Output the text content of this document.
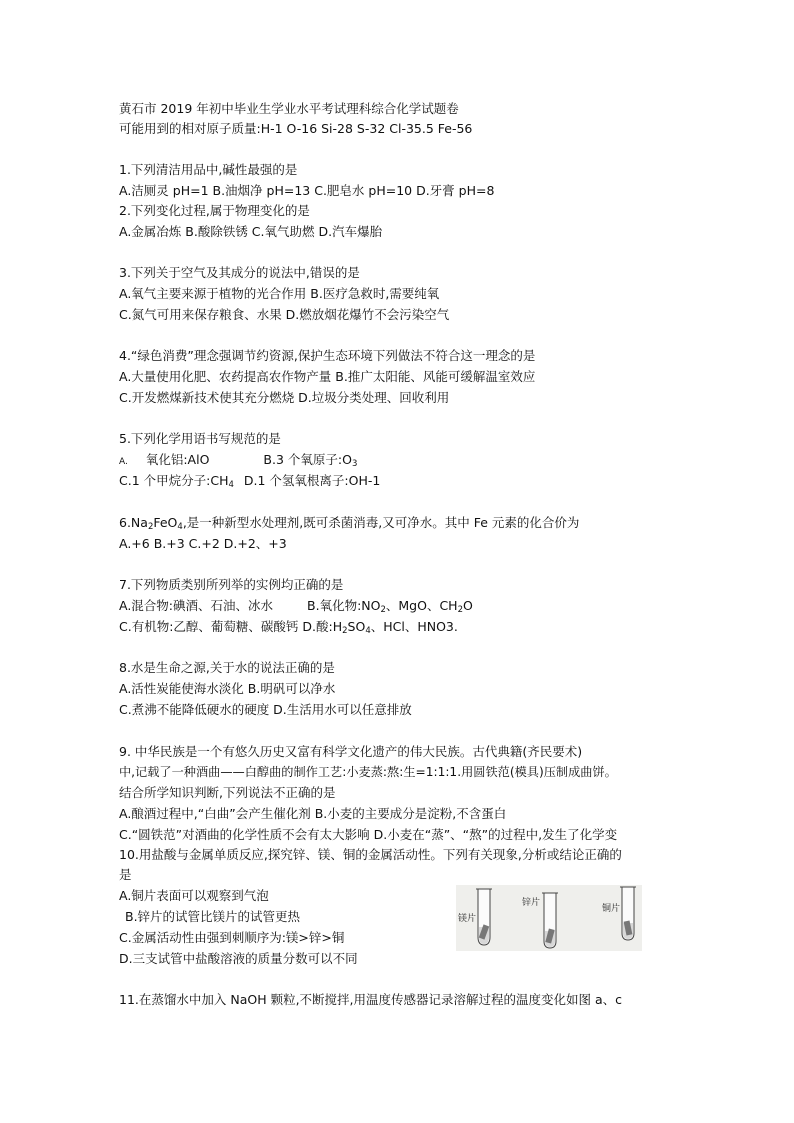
黄石市 2019 年初中毕业生学业水平考试理科综合化学试题卷
可能用到的相对原子质量:H-1 O-16 Si-28 S-32 Cl-35.5 Fe-56
1.下列清洁用品中,碱性最强的是
A.洁厕灵 pH=1 B.油烟净 pH=13 C.肥皂水 pH=10 D.牙膏 pH=8
2.下列变化过程,属于物理变化的是
A.金属冶炼 B.酸除铁锈 C.氧气助燃 D.汽车爆胎
3.下列关于空气及其成分的说法中,错误的是
A.氧气主要来源于植物的光合作用 B.医疗急救时,需要纯氧
C.氮气可用来保存粮食、水果 D.燃放烟花爆竹不会污染空气
4.“绿色消费”理念强调节约资源,保护生态环境下列做法不符合这一理念的是
A.大量使用化肥、农药提高农作物产量 B.推广太阳能、风能可缓解温室效应
C.开发燃煤新技术使其充分燃烧 D.垃圾分类处理、回收利用
5.下列化学用语书写规范的是
A. 氧化铝:AlO	B.3 个氧原子$:O_3$
C.1 个甲烷分子$:CH_4$ D.1 个氢氧根离子:OH-1
$6.Na_2FeO_4$,是一种新型水处理剂,既可杀菌消毒,又可净水。其中 Fe 元素的化合价为
A.+6 B.+3 C.+2 D.+2、+3
7.下列物质类别所列举的实例均正确的是
A.混合物:碘酒、石油、冰水	B.氧化物$:NO_2$、MgO、$CH_2O$
C.有机物:乙醇、葡萄糖、碳酸钙 D.酸$:H_2SO_4$、HCl、HNO3.
8.水是生命之源,关于水的说法正确的是
A.活性炭能使海水淡化 B.明矾可以净水
C.煮沸不能降低硬水的硬度 D.生活用水可以任意排放
9. 中华民族是一个有悠久历史又富有科学文化遗产的伟大民族。古代典籍(齐民要术)
中,记载了一种酒曲——白醇曲的制作工艺:小麦蒸:熬:生=1:1:1.用圆铁范(模具)压制成曲饼。
结合所学知识判断,下列说法不正确的是
A.酿酒过程中,“白曲”会产生催化剂 B.小麦的主要成分是淀粉,不含蛋白
C.“圆铁范”对酒曲的化学性质不会有太大影响 D.小麦在“蒸”、“熬”的过程中,发生了化学变
10.用盐酸与金属单质反应,探究锌、镁、铜的金属活动性。下列有关现象,分析或结论正确的
是
A.铜片表面可以观察到气泡
B.锌片的试管比镁片的试管更热
C.金属活动性由强到刺顺序为:镁>锌>铜
D.三支试管中盐酸溶液的质量分数可以不同
镁片
锌片
铜片
11.在蒸馏水中加入 NaOH 颗粒,不断搅拌,用温度传感器记录溶解过程的温度变化如图 a、c
